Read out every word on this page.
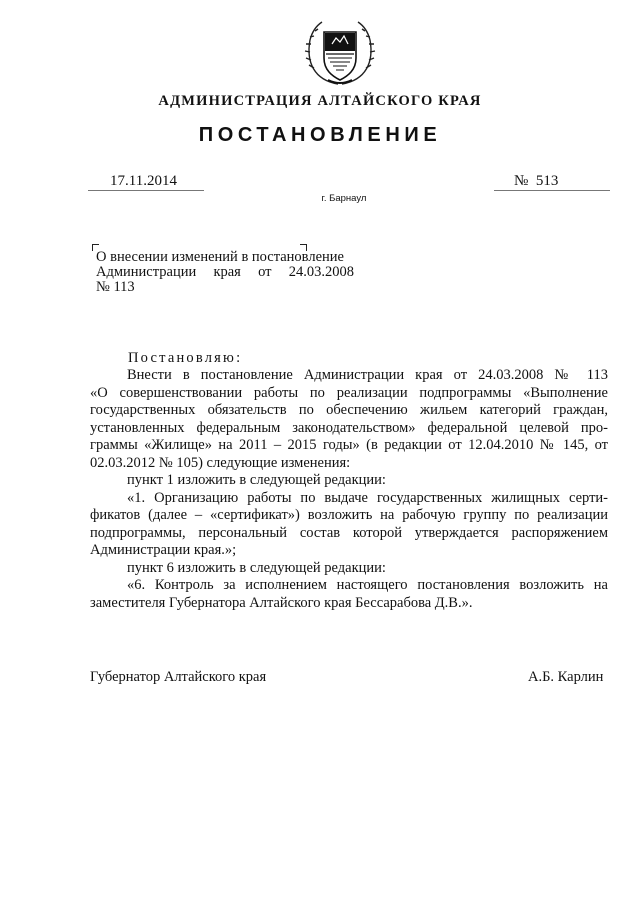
АДМИНИСТРАЦИЯ АЛТАЙСКОГО КРАЯ
ПОСТАНОВЛЕНИЕ
17.11.2014	№ 513
г. Барнаул
О внесении изменений в постановление
Администрации края от 24.03.2008
№ 113
Постановляю:

Внести в постановление Администрации края от 24.03.2008 № 113

«О совершенствовании работы по реализации подпрограммы «Выполнение

государственных обязательств по обеспечению жильем категорий граждан,

установленных федеральным законодательством» федеральной целевой про-

граммы «Жилище» на 2011 – 2015 годы» (в редакции от 12.04.2010 № 145, от

02.03.2012 № 105) следующие изменения:

пункт 1 изложить в следующей редакции:

«1. Организацию работы по выдаче государственных жилищных серти-

фикатов (далее – «сертификат») возложить на рабочую группу по реализации

подпрограммы, персональный состав которой утверждается распоряжением

Администрации края.»;

пункт 6 изложить в следующей редакции:

«6. Контроль за исполнением настоящего постановления возложить на

заместителя Губернатора Алтайского края Бессарабова Д.В.».

Губернатор Алтайского края	А.Б. Карлин
